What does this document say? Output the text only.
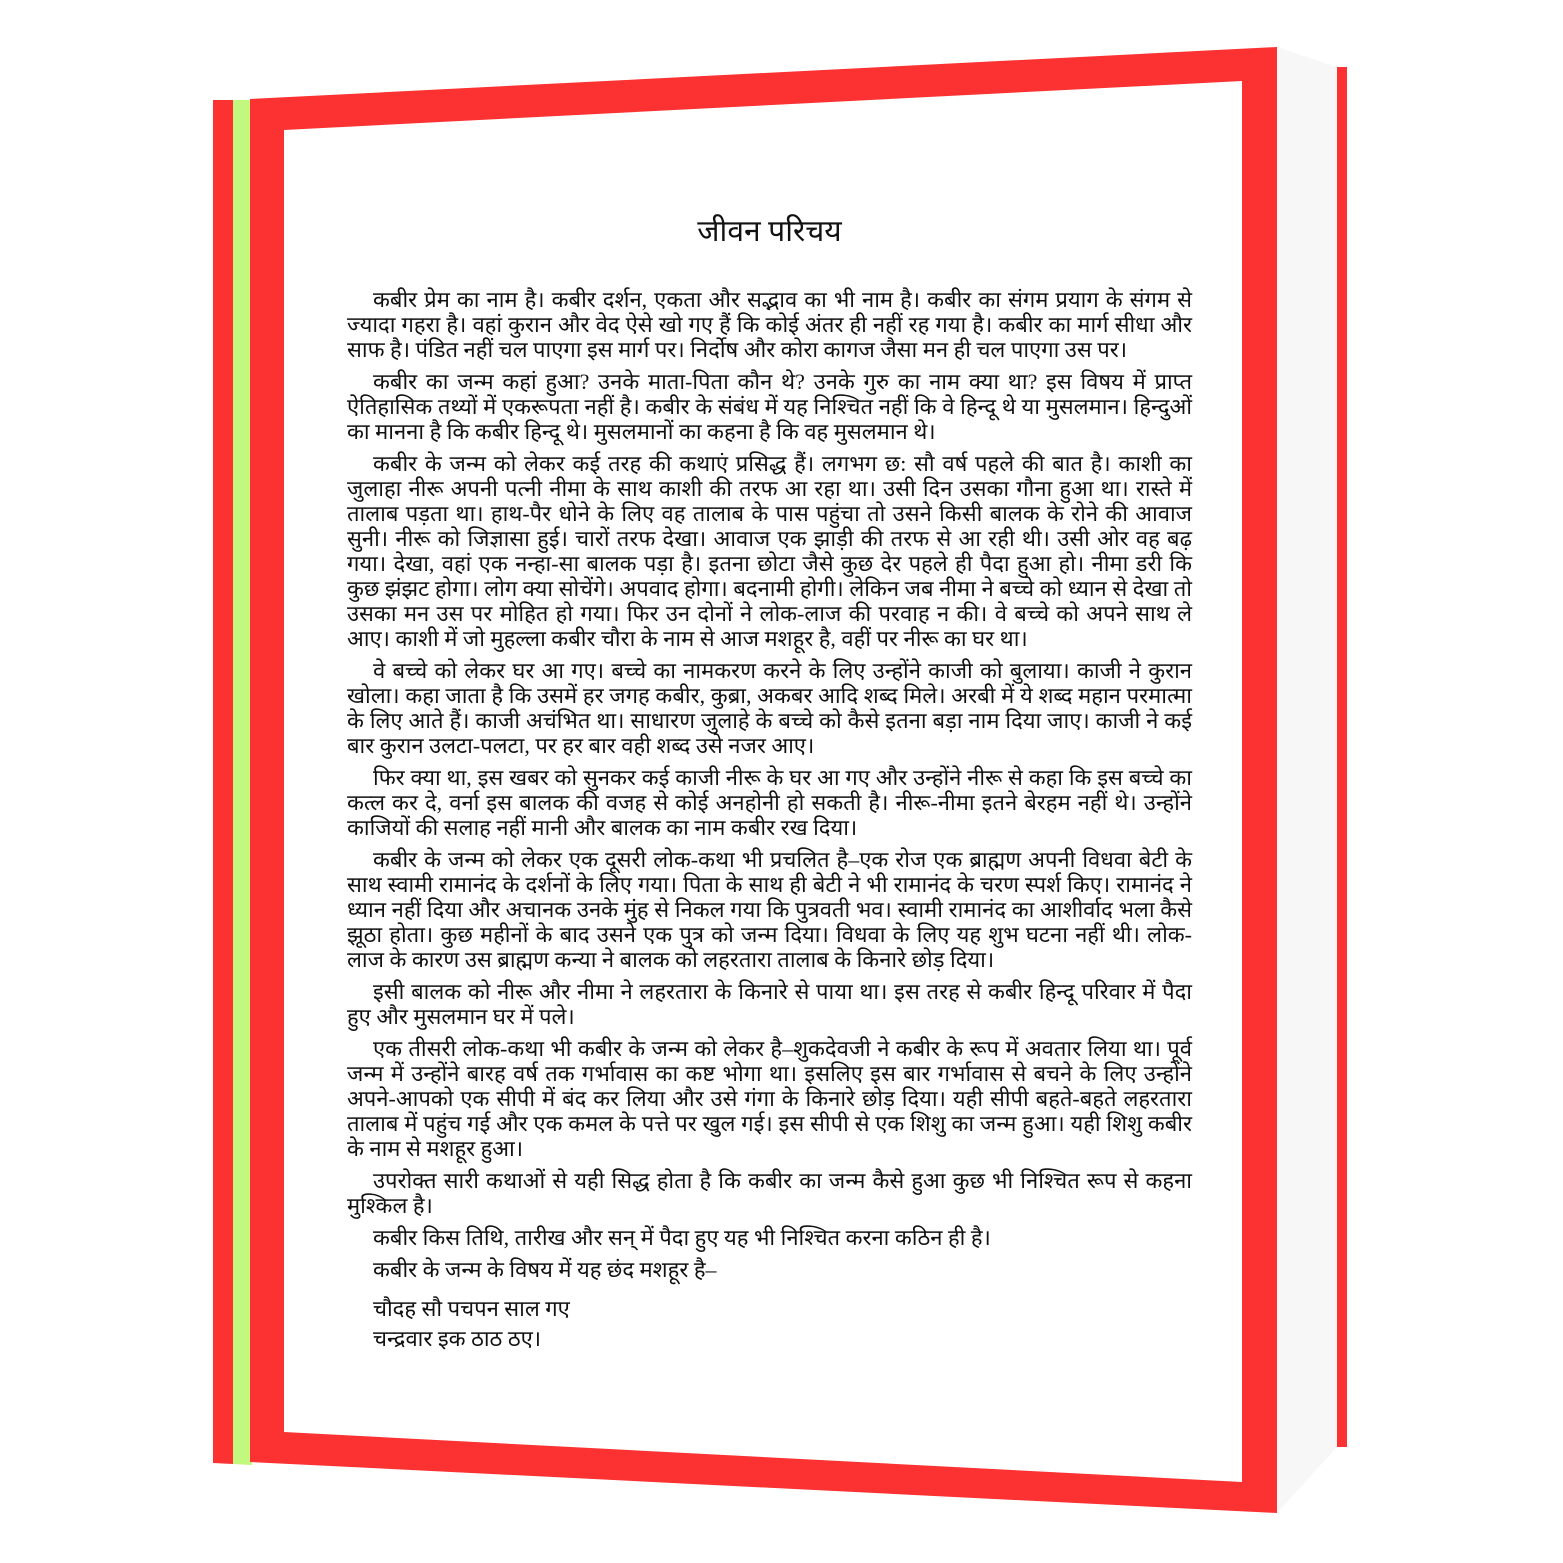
जीवन परिचय

कबीर प्रेम का नाम है। कबीर दर्शन, एकता और सद्भाव का भी नाम है। कबीर का संगम प्रयाग के संगम से ज्यादा गहरा है। वहां कुरान और वेद ऐसे खो गए हैं कि कोई अंतर ही नहीं रह गया है। कबीर का मार्ग सीधा और साफ है। पंडित नहीं चल पाएगा इस मार्ग पर। निर्दोष और कोरा कागज जैसा मन ही चल पाएगा उस पर।

कबीर का जन्म कहां हुआ? उनके माता-पिता कौन थे? उनके गुरु का नाम क्या था? इस विषय में प्राप्त ऐतिहासिक तथ्यों में एकरूपता नहीं है। कबीर के संबंध में यह निश्चित नहीं कि वे हिन्दू थे या मुसलमान। हिन्दुओं का मानना है कि कबीर हिन्दू थे। मुसलमानों का कहना है कि वह मुसलमान थे।

कबीर के जन्म को लेकर कई तरह की कथाएं प्रसिद्ध हैं। लगभग छ: सौ वर्ष पहले की बात है। काशी का जुलाहा नीरू अपनी पत्नी नीमा के साथ काशी की तरफ आ रहा था। उसी दिन उसका गौना हुआ था। रास्ते में तालाब पड़ता था। हाथ-पैर धोने के लिए वह तालाब के पास पहुंचा तो उसने किसी बालक के रोने की आवाज सुनी। नीरू को जिज्ञासा हुई। चारों तरफ देखा। आवाज एक झाड़ी की तरफ से आ रही थी। उसी ओर वह बढ़ गया। देखा, वहां एक नन्हा-सा बालक पड़ा है। इतना छोटा जैसे कुछ देर पहले ही पैदा हुआ हो। नीमा डरी कि कुछ झंझट होगा। लोग क्या सोचेंगे। अपवाद होगा। बदनामी होगी। लेकिन जब नीमा ने बच्चे को ध्यान से देखा तो उसका मन उस पर मोहित हो गया। फिर उन दोनों ने लोक-लाज की परवाह न की। वे बच्चे को अपने साथ ले आए। काशी में जो मुहल्ला कबीर चौरा के नाम से आज मशहूर है, वहीं पर नीरू का घर था।

वे बच्चे को लेकर घर आ गए। बच्चे का नामकरण करने के लिए उन्होंने काजी को बुलाया। काजी ने कुरान खोला। कहा जाता है कि उसमें हर जगह कबीर, कुब्रा, अकबर आदि शब्द मिले। अरबी में ये शब्द महान परमात्मा के लिए आते हैं। काजी अचंभित था। साधारण जुलाहे के बच्चे को कैसे इतना बड़ा नाम दिया जाए। काजी ने कई बार कुरान उलटा-पलटा, पर हर बार वही शब्द उसे नजर आए।

फिर क्या था, इस खबर को सुनकर कई काजी नीरू के घर आ गए और उन्होंने नीरू से कहा कि इस बच्चे का कत्ल कर दे, वर्ना इस बालक की वजह से कोई अनहोनी हो सकती है। नीरू-नीमा इतने बेरहम नहीं थे। उन्होंने काजियों की सलाह नहीं मानी और बालक का नाम कबीर रख दिया।

कबीर के जन्म को लेकर एक दूसरी लोक-कथा भी प्रचलित है–एक रोज एक ब्राह्मण अपनी विधवा बेटी के साथ स्वामी रामानंद के दर्शनों के लिए गया। पिता के साथ ही बेटी ने भी रामानंद के चरण स्पर्श किए। रामानंद ने ध्यान नहीं दिया और अचानक उनके मुंह से निकल गया कि पुत्रवती भव। स्वामी रामानंद का आशीर्वाद भला कैसे झूठा होता। कुछ महीनों के बाद उसने एक पुत्र को जन्म दिया। विधवा के लिए यह शुभ घटना नहीं थी। लोक-लाज के कारण उस ब्राह्मण कन्या ने बालक को लहरतारा तालाब के किनारे छोड़ दिया।

इसी बालक को नीरू और नीमा ने लहरतारा के किनारे से पाया था। इस तरह से कबीर हिन्दू परिवार में पैदा हुए और मुसलमान घर में पले।

एक तीसरी लोक-कथा भी कबीर के जन्म को लेकर है–शुकदेवजी ने कबीर के रूप में अवतार लिया था। पूर्व जन्म में उन्होंने बारह वर्ष तक गर्भावास का कष्ट भोगा था। इसलिए इस बार गर्भावास से बचने के लिए उन्होंने अपने-आपको एक सीपी में बंद कर लिया और उसे गंगा के किनारे छोड़ दिया। यही सीपी बहते-बहते लहरतारा तालाब में पहुंच गई और एक कमल के पत्ते पर खुल गई। इस सीपी से एक शिशु का जन्म हुआ। यही शिशु कबीर के नाम से मशहूर हुआ।

उपरोक्त सारी कथाओं से यही सिद्ध होता है कि कबीर का जन्म कैसे हुआ कुछ भी निश्चित रूप से कहना मुश्किल है।

कबीर किस तिथि, तारीख और सन् में पैदा हुए यह भी निश्चित करना कठिन ही है।

कबीर के जन्म के विषय में यह छंद मशहूर है–

चौदह सौ पचपन साल गए

चन्द्रवार इक ठाठ ठए।
